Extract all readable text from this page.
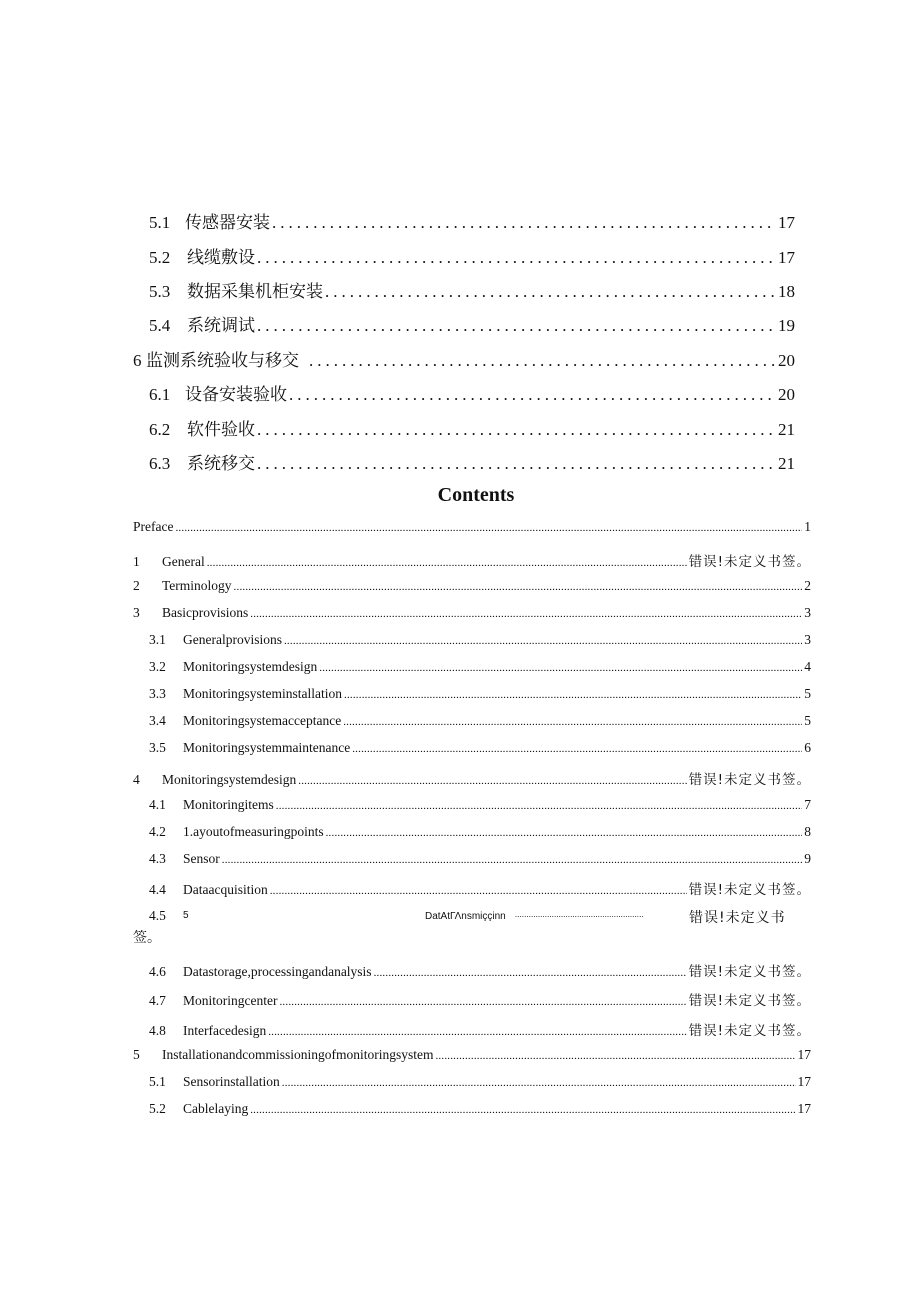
5.1 传感器安装 .....	17
5.2 线缆敷设 .....	17
5.3 数据采集机柜安装 .....	18
5.4 系统调试 .....	19
6 监测系统验收与移交 .....	20
6.1 设备安装验收 .....	20
6.2 软件验收 .....	21
6.3 系统移交 .....	21
Contents
Preface .....	1
1	General .....	错误!未定义书签。
2	Terminology .....	2
3	Basicprovisions .....	3
3.1	Generalprovisions .....	3
3.2	Monitoringsystemdesign .....	4
3.3	Monitoringsysteminstallation .....	5
3.4	Monitoringsystemacceptance .....	5
3.5	Monitoringsystemmaintenance .....	6
4	Monitoringsystemdesign .....	错误!未定义书签。
4.1	Monitoringitems .....	7
4.2	1.ayoutofmeasuringpoints .....	8
4.3	Sensor .....	9
4.4	Dataacquisition .....	错误!未定义书签。
4.5 5	DatAtΓΛnsmiççinn ........................................................	错误!未定义书
签。
4.6	Datastorage,processingandanalysis .....	错误!未定义书签。
4.7	Monitoringcenter .....	错误!未定义书签。
4.8	Interfacedesign .....	错误!未定义书签。
5	Installationandcommissioningofmonitoringsystem .....	17
5.1	Sensorinstallation .....	17
5.2	Cablelaying .....	17
